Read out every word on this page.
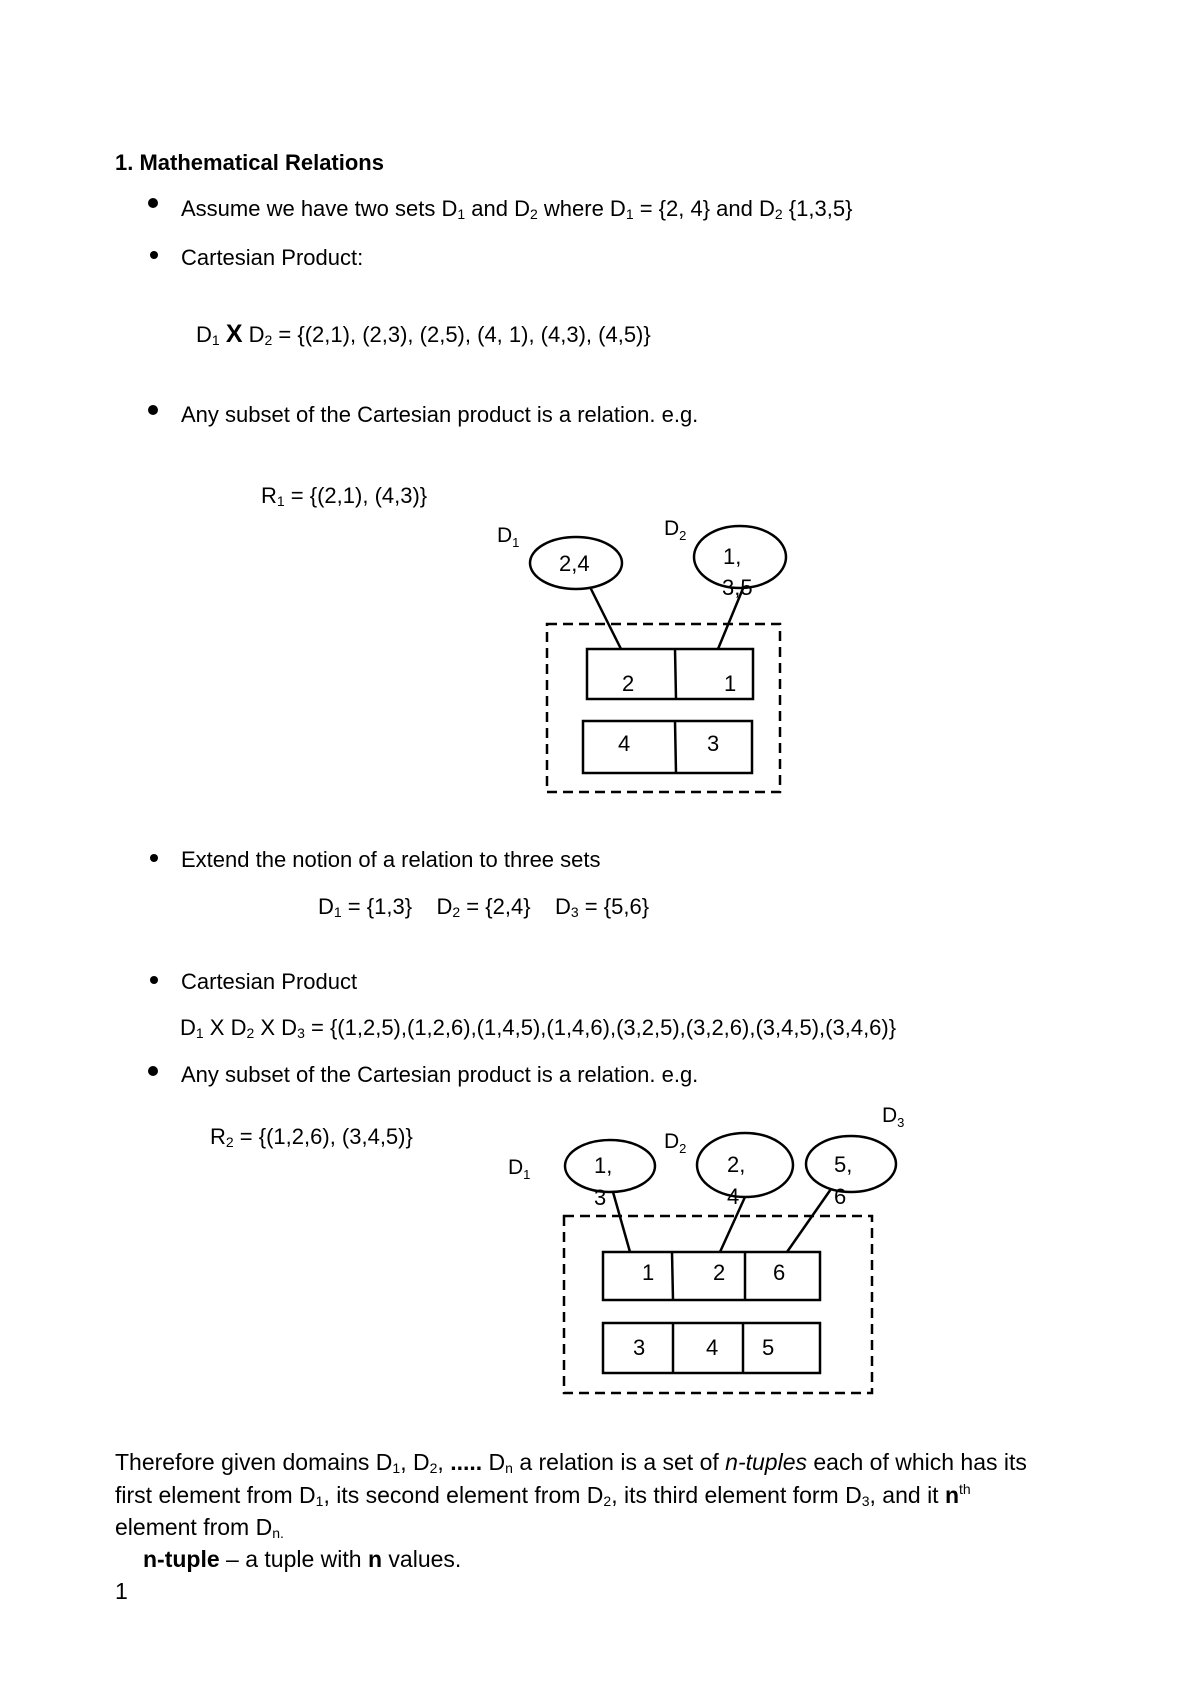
1. Mathematical Relations
Assume we have two sets $D_1$ and $D_2$ where $D_1 = \{2$, 4} and $D_2$ {1,3,5}
Cartesian Product:
$D_1$ X $D_2 = \{(2,1)$, (2,3), (2,5), (4, 1), (4,3), (4,5)}
Any subset of the Cartesian product is a relation. e.g.
$R_1 = \{(2,1)$, (4,3)}
$D_1$
$D_2$
2,4	1,
3,5
2	1
4	3
Extend the notion of a relation to three sets
$D_1 = \{1,3\} D_2 = \{2,4\} D_3 = \{5,6\}$
Cartesian Product
$D_1$ X $D_2$ X $D_3 = \{(1,2,5),(1,2,6),(1,4,5),(1,4,6),(3,2,5),(3,2,6),(3,4,5),(3,4,6)\}$
Any subset of the Cartesian product is a relation. e.g.
$R_2 = \{(1,2,6)$, (3,4,5)}
$D_1$
$D_2$
$D_3$
1,
3
2,
4
5,
6
1	2 6
3	4 5
Therefore given domains $D_1$, $D_2$, ..... $D_n$ a relation is a set of n-tuples each of which has its
first element from $D_1$, its second element from $D_2$, its third element form $D_3$, and it $n^{th}$
element from $D_{n.}$
n-tuple – a tuple with n values.
1
